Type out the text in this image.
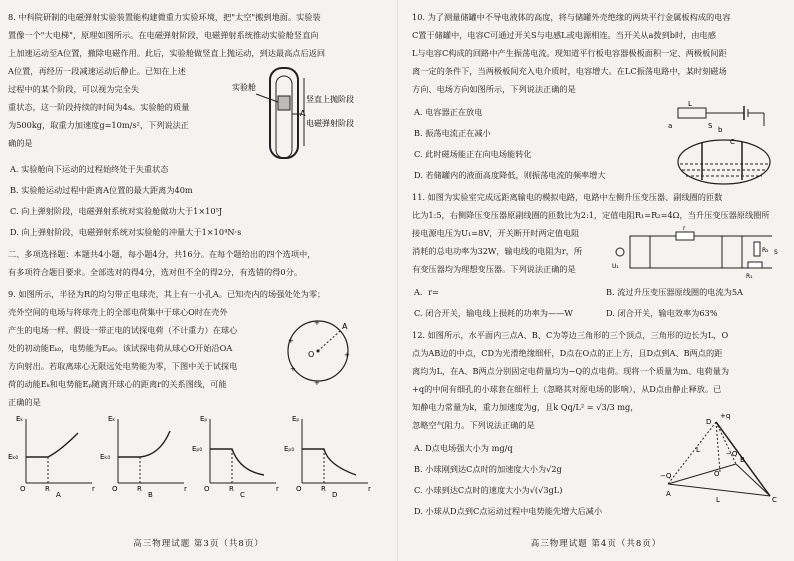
8. 中科院研制的电磁弹射实验装置能构建微重力实验环境，把"太空"搬到地面。实验装
置像一个"大电梯"，原理如图所示。在电磁弹射阶段，电磁弹射系统推动实验舱竖直向
上加速运动至A位置，撤除电磁作用。此后，实验舱做竖直上抛运动，到达最高点后返回
A位置，再经历一段减速运动后静止。已知在上述
过程中的某个阶段，可以视为完全失
重状态，这一阶段持续的时间为4s。实验舱的质量
为500kg，取重力加速度g=10m/s²，下列说法正
确的是

实验舱
A
竖直上抛阶段
电磁弹射阶段

A. 实验舱向下运动的过程始终处于失重状态

B. 实验舱运动过程中距离A位置的最大距离为40m

C. 向上弹射阶段，电磁弹射系统对实验舱做功大于1×10⁵J

D. 向上弹射阶段，电磁弹射系统对实验舱的冲量大于1×10⁴N·s

二、多项选择题：本题共4小题，每小题4分，共16分。在每个题给出的四个选项中，
有多项符合题目要求。全部选对的得4分，选对但不全的得2分，有选错的得0分。

9. 如图所示，半径为R的均匀带正电球壳，其上有一小孔A。已知壳内的场强处处为零；
壳外空间的电场与将球壳上的全部电荷集中于球心O时在壳外
产生的电场一样。假设一带正电的试探电荷（不计重力）在球心
处的初动能Eₖ₀，电势能为Eₚ₀。该试探电荷从球心O开始沿OA
方向射出。若取离球心无限远处电势能为零，下图中关于试探电
荷的动能Eₖ和电势能Eₚ随离开球心的距离r的关系图线，可能
正确的是

O
A
+
+
+
+
+
Eₖ
Eₖ₀
O	R	r
A
Eₖ
Eₖ₀
O	R	r
B
Eₚ
Eₚ₀
O	R	r
C
Eₚ
Eₚ₀
O	R	r
D
高三物理试题 第3页（共8页）

10. 为了测量储罐中不导电液体的高度，将与储罐外壳绝缘的两块平行金属板构成的电容
C置于储罐中，电容C可通过开关S与电感L或电源相连。当开关从a拨到b时，由电感
L与电容C构成的回路中产生振荡电流。现知道平行板电容器极板面积一定、两极板间距
离一定的条件下，当两极板间充入电介质时，电容增大。在LC振荡电路中，某时刻磁场
方向、电场方向如图所示，下列说法正确的是

A. 电容器正在放电

B. 振荡电流正在减小

C. 此时磁场能正在向电场能转化

D. 若储罐内的液面高度降低，则振荡电流的频率增大

a	S b
L
C

11. 如图为实验室完成远距离输电的模拟电路，电路中左侧升压变压器、副线圈的匝数
比为1:5，右侧降压变压器原副线圈的匝数比为2:1，定值电阻R₁=R₂=4Ω，当升压变压器原线圈所
接电源电压为U₁=8V，开关断开时两定值电阻
消耗的总电功率为32W，输电线的电阻为r，所
有变压器均为理想变压器。下列说法正确的是	U₁
r
R₂
R₁
S

A．r=	B. 流过升压变压器原线圈的电流为5A

C. 闭合开关，输电线上损耗的功率为——W	D. 闭合开关，输电效率为63%

12. 如图所示，水平面内三点A、B、C为等边三角形的三个顶点，三角形的边长为L，O
点为AB边的中点，CD为光滑绝缘细杆，D点在O点的正上方，且D点到A、B两点的距
离均为L，在A、B两点分别固定电荷量均为−Q的点电荷。现将一个质量为m、电荷量为
+q的中间有细孔的小球套在细杆上（忽略其对原电场的影响），从D点由静止释放。已
知静电力常量为k，重力加速度为g，且k Qq/L² = √3/3 mg，
忽略空气阻力。下列说法正确的是

A. D点电场强大小为 mg/q

B. 小球刚到达C点时的加速度大小为√2g

C. 小球到达C点时的速度大小为√(√3gL)

D. 小球从D点到C点运动过程中电势能先增大后减小

D
+q
B
−Q
O
−Q
A
C
L
L
高三物理试题 第4页（共8页）
